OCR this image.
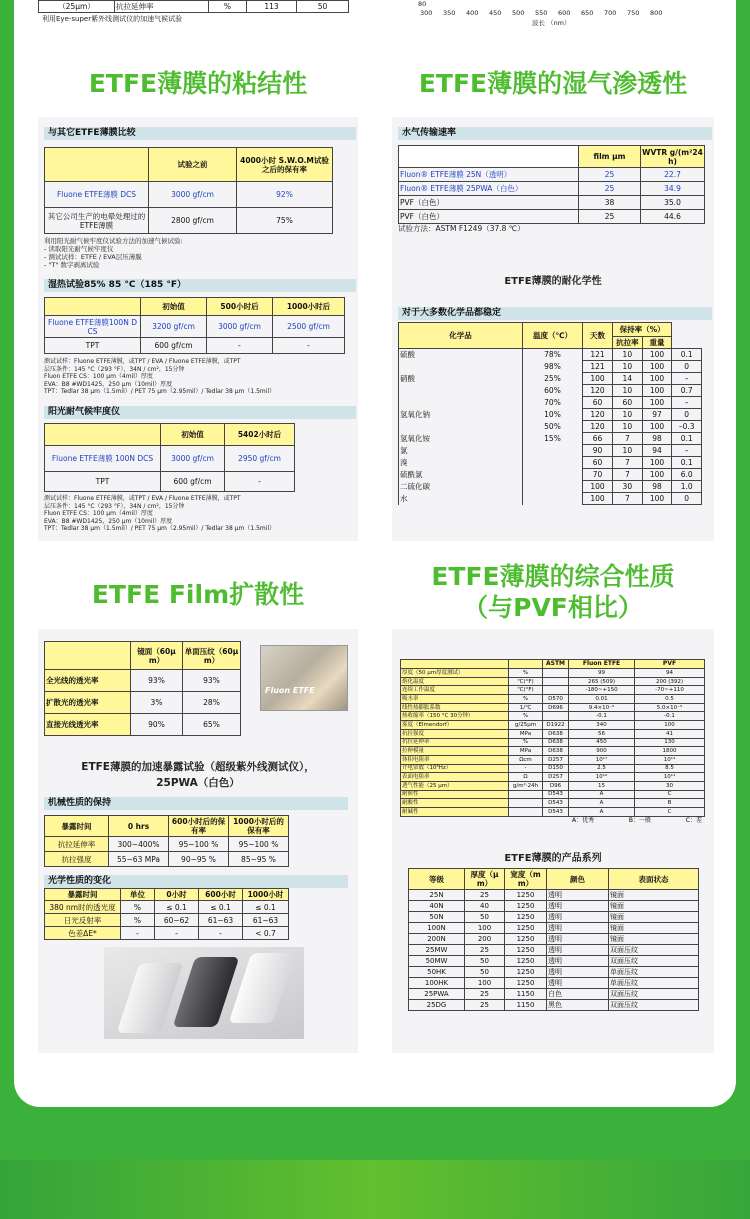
（25μm）	抗拉延伸率	%	113	50
利用Eye-super紫外线测试仪的加速气候试验
80
300 350 400 450 500 550 600 650 700 750 800
波长 （nm）
ETFE薄膜的粘结性	ETFE薄膜的湿气渗透性
ETFE Film扩散性
ETFE薄膜的综合性质
（与PVF相比）
与其它ETFE薄膜比较
	试验之前	4000小时 S.W.O.M试验 之后的保有率
Fluone ETFE薄膜 DCS	3000 gf/cm	92%
其它公司生产的电晕处理过的ETFE薄膜	2800 gf/cm	75%
利用阳光耐气候牢度仪试验方法的加速气候试验:
- 读取阳光耐气候牢度仪
- 测试试样：ETFE / EVA层压薄膜
- "T" 数字剥离试验
湿热试验85% 85 °C（185 °F）
	初始值	500小时后	1000小时后
Fluone ETFE薄膜100N DCS	3200 gf/cm	3000 gf/cm	2500 gf/cm
TPT	600 gf/cm	-	-
测试试样：Fluone ETFE薄膜，或TPT / EVA / Fluone ETFE薄膜，或TPT
层压条件：145 °C（293 °F），34N / cm²，15分钟
Fluon ETFE CS：100 μm（4mil）厚度
EVA：B8 #WD1425，250 μm（10mil）厚度
TPT：Tedlar 38 μm（1.5mil）/ PET 75 μm（2.95mil）/ Tedlar 38 μm（1.5mil）
阳光耐气候牢度仪
	初始值	5402小时后
Fluone ETFE薄膜 100N DCS	3000 gf/cm	2950 gf/cm
TPT	600 gf/cm	-
测试试样：Fluone ETFE薄膜，或TPT / EVA / Fluone ETFE薄膜，或TPT
层压条件：145 °C（293 °F），34N / cm²，15分钟
Fluon ETFE CS：100 μm（4mil）厚度
EVA：B8 #WD1425，250 μm（10mil）厚度
TPT：Tedlar 38 μm（1.5mil）/ PET 75 μm（2.95mil）/ Tedlar 38 μm（1.5mil）
水气传输速率
	film μm	WVTR g/(m²24h)
Fluon® ETFE薄膜 25N（透明）	25	22.7
Fluon® ETFE薄膜 25PWA（白色）	25	34.9
PVF（白色）	38	35.0
PVF（白色）	25	44.6
试验方法：ASTM F1249（37.8 ℃）
ETFE薄膜的耐化学性
对于大多数化学品都稳定
化学品	温度（℃）	天数	保持率（%）		
			抗拉率	重量	
硫酸	78%	121	10	100	0.1
	98%	121	10	100	0
硝酸	25%	100	14	100	–
	60%	120	10	100	0.7
	70%	60	60	100	–
氢氧化钠	10%	120	10	97	0
	50%	120	10	100	–0.3
氢氧化铵	15%	66	7	98	0.1
氯		90	10	94	–
溴		60	7	100	0.1
硫酰氯		70	7	100	6.0
二硫化碳		100	30	98	1.0
水		100	7	100	0
	镜面（60μm）	单面压纹（60μm）
全光线的透光率	93%	93%
扩散光的透光率	3%	28%
直接光线透光率	90%	65%
Fluon ETFE
ETFE薄膜的加速暴露试验（超级紫外线测试仪），
25PWA（白色）
机械性质的保持
暴露时间	0 hrs	600小时后的保有率	1000小时后的保有率
抗拉延伸率	300~400%	95~100 %	95~100 %
抗拉强度	55~63 MPa	90~95 %	85~95 %
光学性质的变化
暴露时间	单位	0小时	600小时	1000小时
380 nm时的透光度	%	≤ 0.1	≤ 0.1	≤ 0.1
日光反射率	%	60~62	61~63	61~63
色差ΔE*	-	-	-	< 0.7
		ASTM	Fluon ETFE	PVF
厚度（50 μm厚度测试）	%		99	94
熔化温度	℃(°F)		265 (509)	200 (392)
连续工作温度	℃(°F)		-180~+150	-70~+110
吸水率	%	D570	0.01	0.5
线性热膨胀系数	1/℃	D696	9.4×10⁻⁵	5.0×10⁻⁵
热收缩率（150 °C 30分钟）	%		-0.1	-0.1
雾度（Elmendorf）	g/25μm	D1922	340	100
抗拉强度	MPa	D638	56	41
抗拉延伸率	%	D638	450	130
拉伸模量	MPa	D638	900	1800
体积电阻率	Ωcm	D257	10¹⁷	10¹⁴
介电常数（10⁶Hz）	-	D150	2.5	8.5
表面电阻率	Ω	D257	10¹⁶	10¹⁴
透气性能（25 μm）	g/m²·24h	D96	15	30
耐候性		D543	A	C
耐酸性		D543	A	B
耐碱性		D543	A	C
A：优秀	B：一般	C：差
ETFE薄膜的产品系列
等级	厚度（μm）	宽度（mm）	颜色	表面状态
25N	25	1250	透明	镜面
40N	40	1250	透明	镜面
50N	50	1250	透明	镜面
100N	100	1250	透明	镜面
200N	200	1250	透明	镜面
25MW	25	1250	透明	双面压纹
50MW	50	1250	透明	双面压纹
50HK	50	1250	透明	单面压纹
100HK	100	1250	透明	单面压纹
25PWA	25	1150	白色	双面压纹
25DG	25	1150	黑色	双面压纹
